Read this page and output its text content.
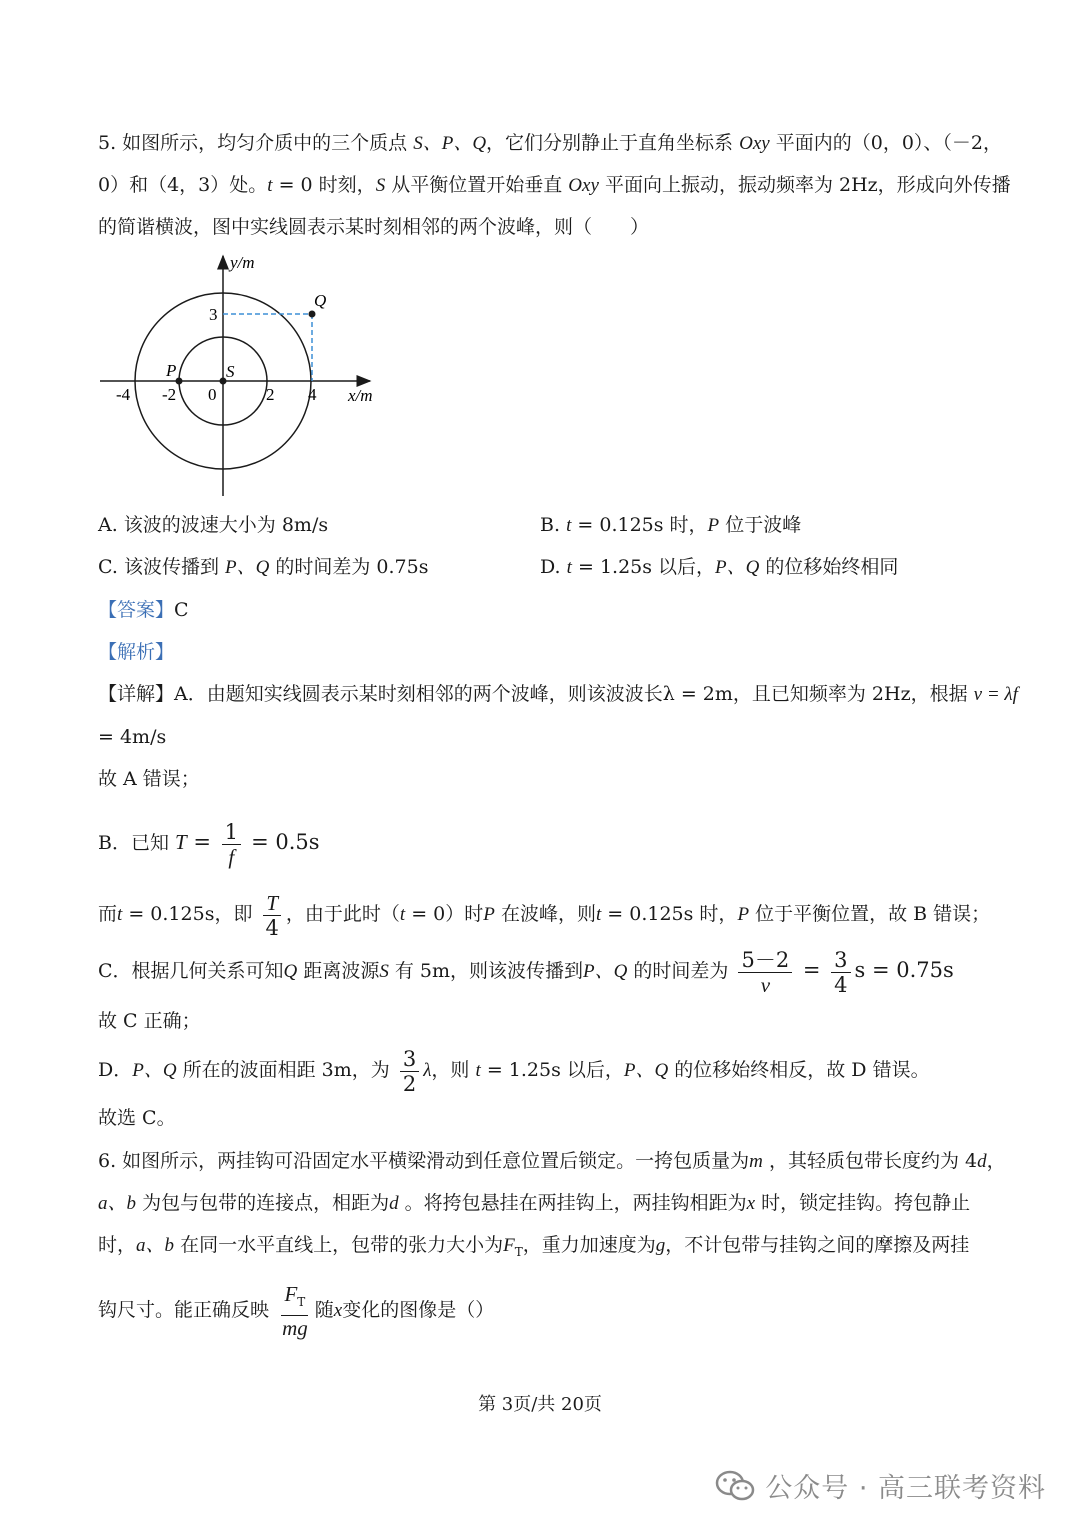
5. 如图所示，均匀介质中的三个质点 S、P、Q，它们分别静止于直角坐标系 Oxy 平面内的（0，0）、（－2，
0）和（4，3）处。t = 0 时刻，S 从平衡位置开始垂直 Oxy 平面向上振动，振动频率为 2Hz，形成向外传播
的简谐横波，图中实线圆表示某时刻相邻的两个波峰，则（　　）
y/m
x/m
0
-4 -2	2 4
3
S
P
Q
A. 该波的波速大小为 8m/s	B. t = 0.125s 时，P 位于波峰
C. 该波传播到 P、Q 的时间差为 0.75s	D. t = 1.25s 以后，P、Q 的位移始终相同
【答案】C
【解析】
【详解】A．由题知实线圆表示某时刻相邻的两个波峰，则该波波长λ = 2m，且已知频率为 2Hz，根据 v = λf
= 4m/s
故 A 错误；
B．已知 $T = \frac{1}{f} = 0.5s$
而t = 0.125s，即 $\frac{T}{4}$ ，由于此时（t = 0）时P 在波峰，则t = 0.125s 时，P 位于平衡位置，故 B 错误；
C．根据几何关系可知Q 距离波源S 有 5m，则该波传播到P、Q 的时间差为 $\frac{5-2}{v} = \frac{3}{4}$ s = 0.75s
故 C 正确；
D．P、Q 所在的波面相距 3m，为 $\frac{3}{2}$ λ，则 t = 1.25s 以后，P、Q 的位移始终相反，故 D 错误。
故选 C。
6. 如图所示，两挂钩可沿固定水平横梁滑动到任意位置后锁定。一挎包质量为m ，其轻质包带长度约为 4d，
a、b 为包与包带的连接点，相距为d 。将挎包悬挂在两挂钩上，两挂钩相距为x 时，锁定挂钩。挎包静止
时，a、b 在同一水平直线上，包带的张力大小为$F_T$，重力加速度为g，不计包带与挂钩之间的摩擦及两挂
钩尺寸。能正确反映 $\frac{F_T}{mg}$ 随x变化的图像是（）
第 3页/共 20页
公众号 · 高三联考资料
